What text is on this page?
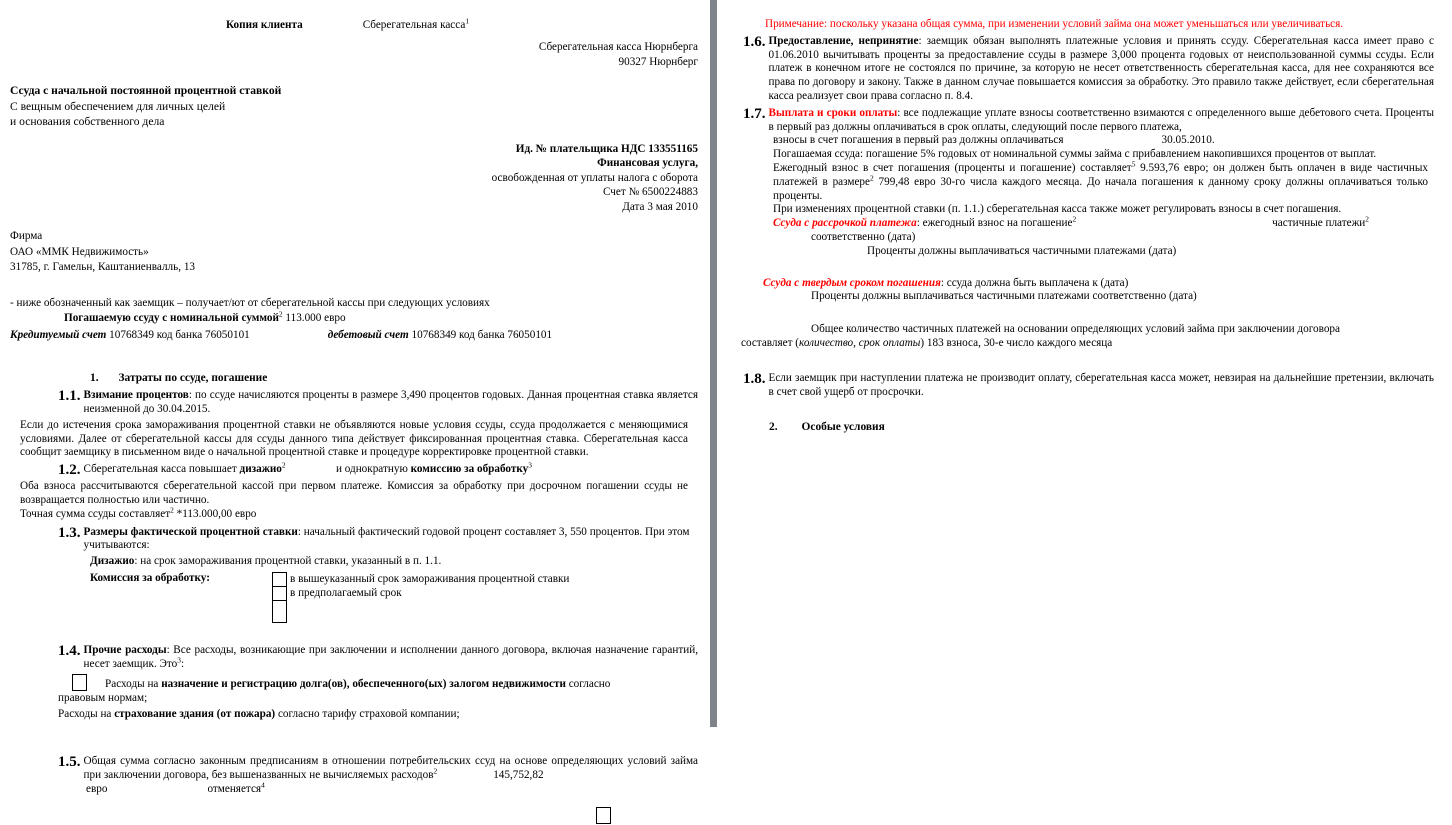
Копия клиента	Сберегательная касса$^1$
Сберегательная касса Нюрнберга
90327 Нюрнберг
Ссуда с начальной постоянной процентной ставкой
С вещным обеспечением для личных целей
и основания собственного дела
Ид. № плательщика НДС 133551165
Финансовая услуга,
освобожденная от уплаты налога с оборота
Счет № 6500224883
Дата 3 мая 2010
Фирма
ОАО «ММК Недвижимость»
31785, г. Гамельн, Каштаниенвалль, 13
- ниже обозначенный как заемщик – получает/ют от сберегательной кассы при следующих условиях
Погашаемую ссуду с номинальной суммой$^2$ 113.000 евро
Кредитуемый счет 10768349 код банка 76050101	дебетовый счет 10768349 код банка 76050101
1. Затраты по ссуде, погашение
1.1. Взимание процентов: по ссуде начисляются проценты в размере 3,490 процентов годовых. Данная процентная ставка является неизменной до 30.04.2015.
Если до истечения срока замораживания процентной ставки не объявляются новые условия ссуды, ссуда продолжается с меняющимися условиями. Далее от сберегательной кассы для ссуды данного типа действует фиксированная процентная ставка. Сберегательная касса сообщит заемщику в письменном виде о начальной процентной ставке и процедуре корректировке процентной ставки.
1.2. Сберегательная касса повышает дизажио$^2$                  и однократную комиссию за обработку$^3$
Оба взноса рассчитываются сберегательной кассой при первом платеже. Комиссия за обработку при досрочном погашении ссуды не возвращается полностью или частично.
Точная сумма ссуды составляет$^2$ *113.000,00 евро
1.3. Размеры фактической процентной ставки: начальный фактический годовой процент составляет 3, 550 процентов. При этом учитываются:
Дизажио: на срок замораживания процентной ставки, указанный в п. 1.1.
Комиссия за обработку:	в вышеуказанный срок замораживания процентной ставки
в предполагаемый срок
1.4. Прочие расходы: Все расходы, возникающие при заключении и исполнении данного договора, включая назначение гарантий, несет заемщик. Это$^3$:
Расходы на назначение и регистрацию долга(ов), обеспеченного(ых) залогом недвижимости согласно
правовым нормам;
Расходы на страхование здания (от пожара) согласно тарифу страховой компании;
1.5. Общая сумма согласно законным предписаниям в отношении потребительских ссуд на основе определяющих условий займа при заключении договора, без вышеназванных не вычисляемых расходов$^2$	145,752,82
евро	отменяется$^4$
Примечание: поскольку указана общая сумма, при изменении условий займа она может уменьшаться или увеличиваться.
1.6. Предоставление, непринятие: заемщик обязан выполнять платежные условия и принять ссуду. Сберегательная касса имеет право с 01.06.2010 вычитывать проценты за предоставление ссуды в размере 3,000 процента годовых от неиспользованной суммы ссуды. Если платеж в конечном итоге не состоялся по причине, за которую не несет ответственность сберегательная касса, для нее сохраняются все права по договору и закону. Также в данном случае повышается комиссия за обработку. Это правило также действует, если сберегательная касса реализует свои права согласно п. 8.4.
1.7. Выплата и сроки оплаты: все подлежащие уплате взносы соответственно взимаются с определенного выше дебетового счета. Проценты в первый раз должны оплачиваться в срок оплаты, следующий после первого платежа,
взносы в счет погашения в первый раз должны оплачиваться	30.05.2010.
Погашаемая ссуда: погашение 5% годовых от номинальной суммы займа с прибавлением накопившихся процентов от выплат.
Ежегодный взнос в счет погашения (проценты и погашение) составляет$^5$ 9.593,76 евро; он должен быть оплачен в виде частичных платежей в размере$^2$ 799,48 евро 30-го числа каждого месяца. До начала погашения к данному сроку должны оплачиваться только проценты.
При изменениях процентной ставки (п. 1.1.) сберегательная касса также может регулировать взносы в счет погашения.
Ссуда с рассрочкой платежа: ежегодный взнос на погашение$^2$	частичные платежи$^2$
соответственно (дата)
Проценты должны выплачиваться частичными платежами (дата)
Ссуда с твердым сроком погашения: ссуда должна быть выплачена к (дата)
Проценты должны выплачиваться частичными платежами соответственно (дата)
Общее количество частичных платежей на основании определяющих условий займа при заключении договора
составляет (количество, срок оплаты) 183 взноса, 30-е число каждого месяца
1.8. Если заемщик при наступлении платежа не производит оплату, сберегательная касса может, невзирая на дальнейшие претензии, включать в счет свой ущерб от просрочки.
2. Особые условия
